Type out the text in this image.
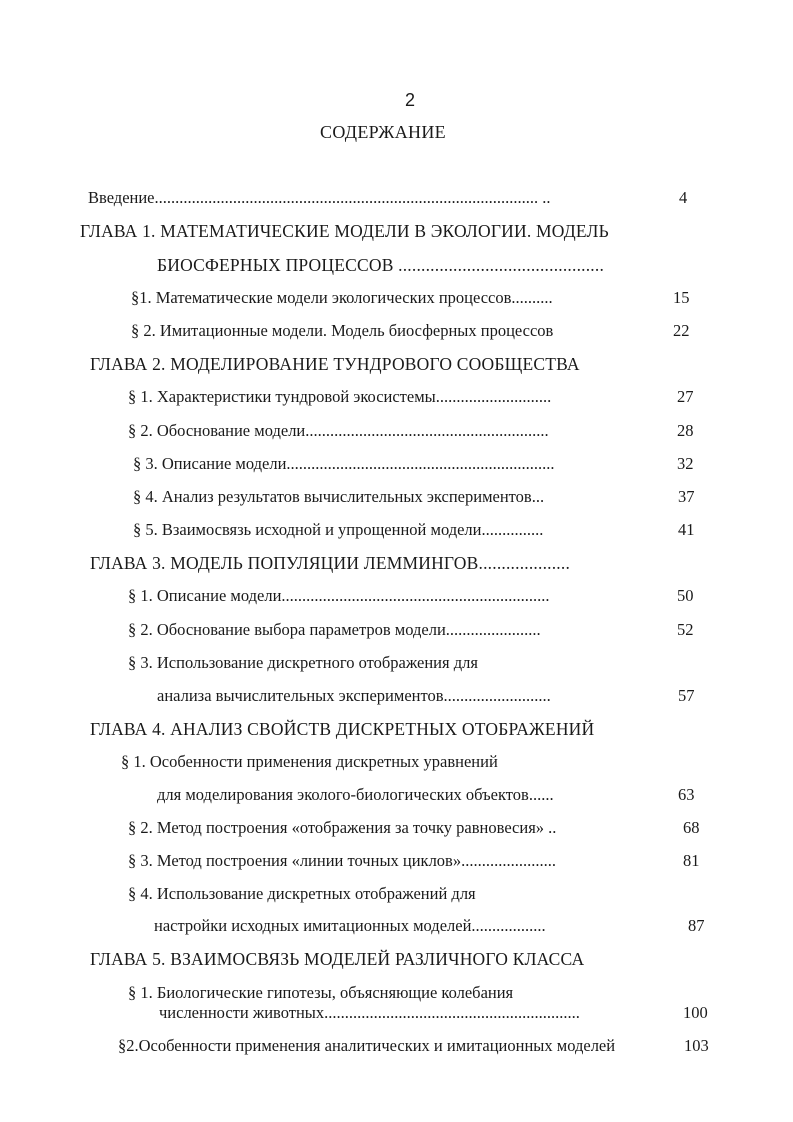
2
СОДЕРЖАНИЕ
Введение............................................................................................. ..	4
ГЛАВА 1. МАТЕМАТИЧЕСКИЕ МОДЕЛИ В ЭКОЛОГИИ. МОДЕЛЬ
БИОСФЕРНЫХ ПРОЦЕССОВ .............................................
§1. Математические модели экологических процессов..........	15
§ 2. Имитационные модели. Модель биосферных процессов	22
ГЛАВА 2. МОДЕЛИРОВАНИЕ ТУНДРОВОГО СООБЩЕСТВА
§ 1. Характеристики тундровой экосистемы............................	27
§ 2. Обоснование модели...........................................................	28
§ 3. Описание модели.................................................................	32
§ 4. Анализ результатов вычислительных экспериментов...	37
§ 5. Взаимосвязь исходной и упрощенной модели...............	41
ГЛАВА 3. МОДЕЛЬ ПОПУЛЯЦИИ ЛЕММИНГОВ....................
§ 1. Описание модели.................................................................	50
§ 2. Обоснование выбора параметров модели.......................	52
§ 3. Использование дискретного отображения для
анализа вычислительных экспериментов..........................	57
ГЛАВА 4. АНАЛИЗ СВОЙСТВ ДИСКРЕТНЫХ ОТОБРАЖЕНИЙ
§ 1. Особенности применения дискретных уравнений
для моделирования эколого-биологических объектов......	63
§ 2. Метод построения «отображения за точку равновесия» ..	68
§ 3. Метод построения «линии точных циклов».......................	81
§ 4. Использование дискретных отображений для
настройки исходных имитационных моделей..................	87
ГЛАВА 5. ВЗАИМОСВЯЗЬ МОДЕЛЕЙ РАЗЛИЧНОГО КЛАССА
§ 1. Биологические гипотезы, объясняющие колебания
численности животных..............................................................	100
§2.Особенности применения аналитических и имитационных моделей	103
